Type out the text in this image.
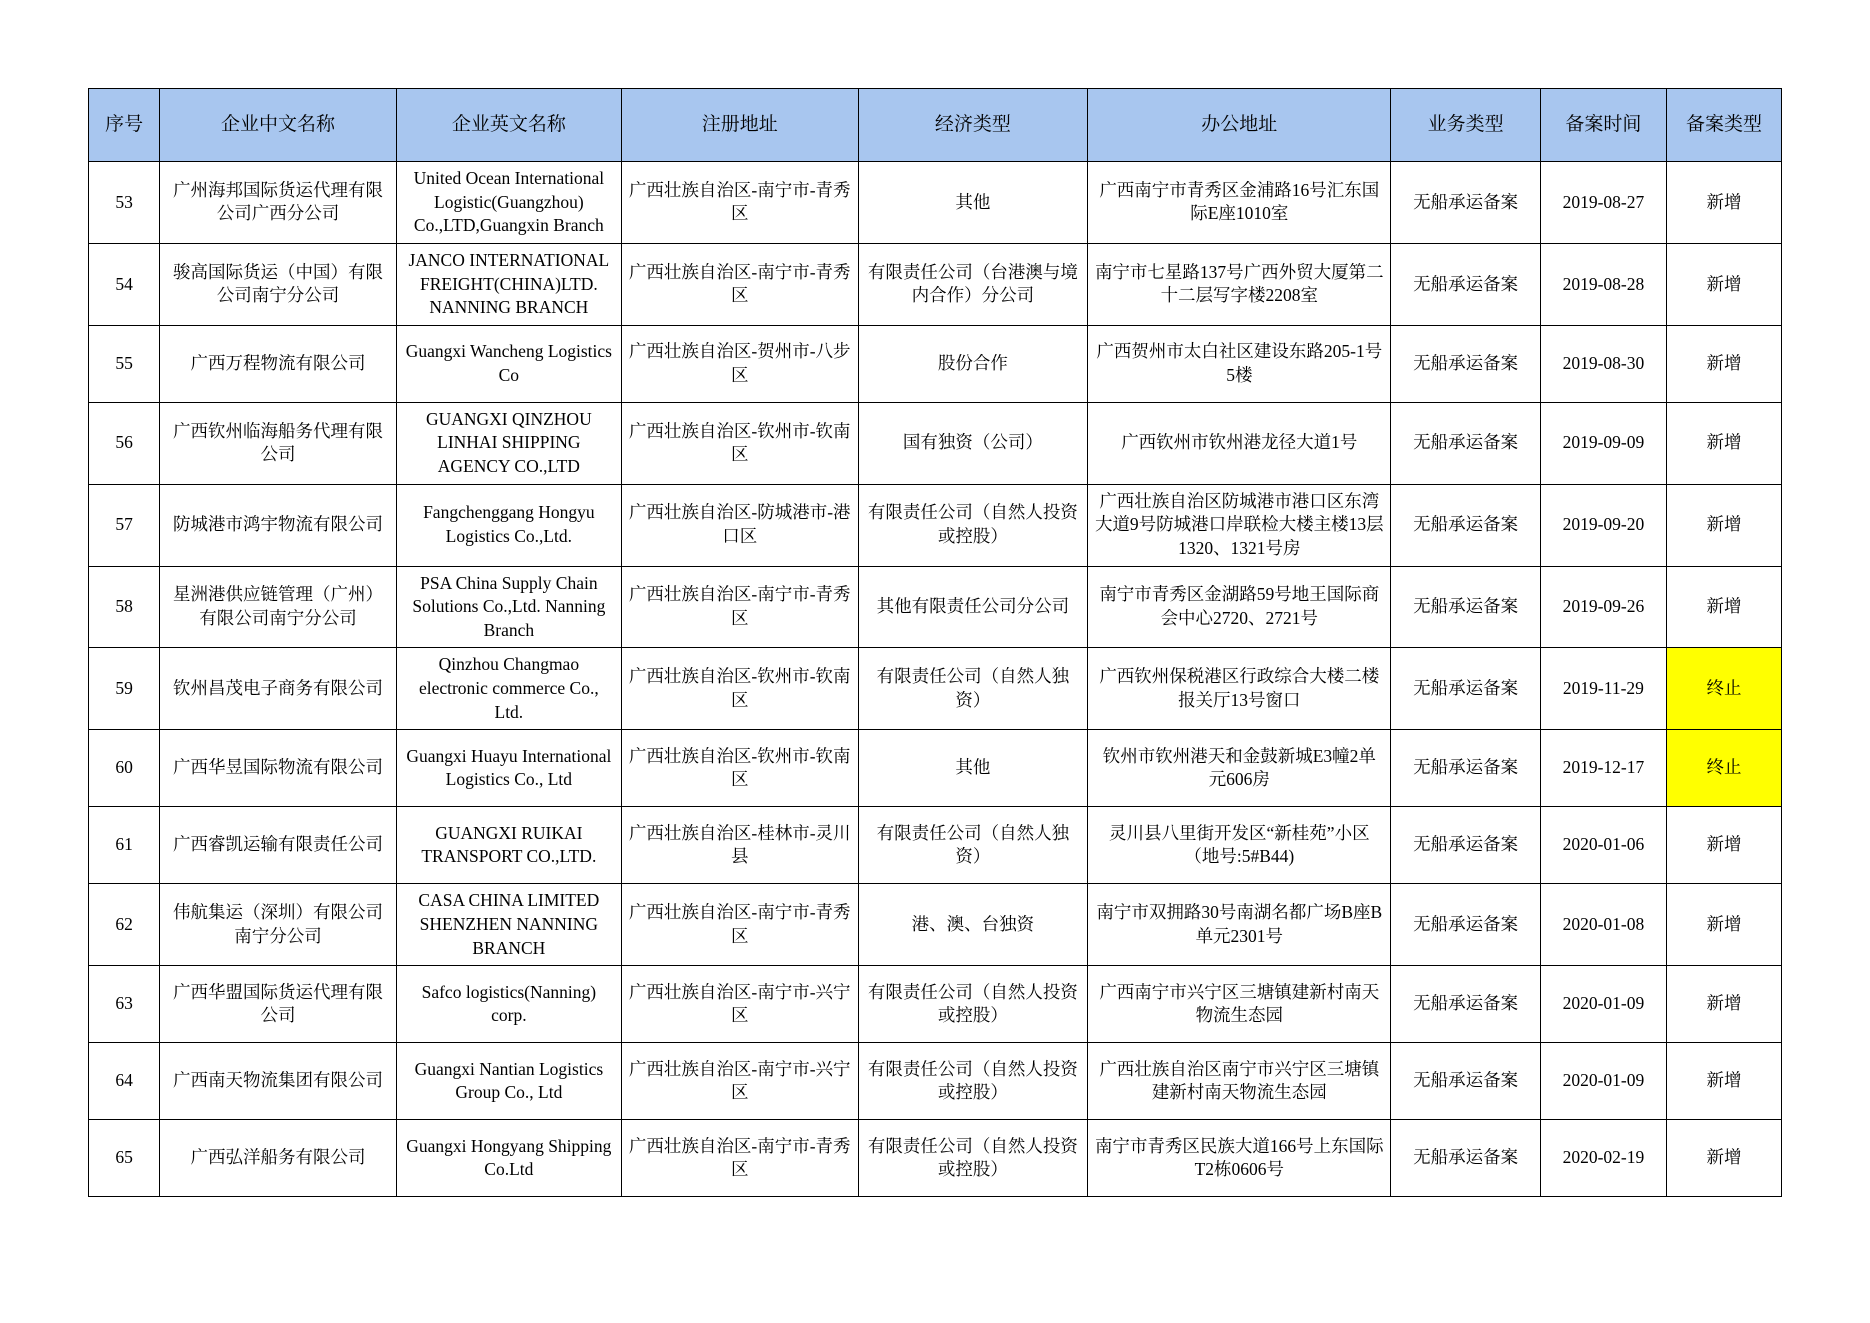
序号	企业中文名称	企业英文名称	注册地址	经济类型	办公地址	业务类型	备案时间	备案类型
53	广州海邦国际货运代理有限公司广西分公司	United Ocean International Logistic(Guangzhou) Co.,LTD,Guangxin Branch	广西壮族自治区-南宁市-青秀区	其他	广西南宁市青秀区金浦路16号汇东国际E座1010室	无船承运备案	2019-08-27	新增
54	骏高国际货运（中国）有限公司南宁分公司	JANCO INTERNATIONAL FREIGHT(CHINA)LTD. NANNING BRANCH	广西壮族自治区-南宁市-青秀区	有限责任公司（台港澳与境内合作）分公司	南宁市七星路137号广西外贸大厦第二十二层写字楼2208室	无船承运备案	2019-08-28	新增
55	广西万程物流有限公司	Guangxi Wancheng Logistics Co	广西壮族自治区-贺州市-八步区	股份合作	广西贺州市太白社区建设东路205-1号5楼	无船承运备案	2019-08-30	新增
56	广西钦州临海船务代理有限公司	GUANGXI QINZHOU LINHAI SHIPPING AGENCY CO.,LTD	广西壮族自治区-钦州市-钦南区	国有独资（公司）	广西钦州市钦州港龙径大道1号	无船承运备案	2019-09-09	新增
57	防城港市鸿宇物流有限公司	Fangchenggang Hongyu Logistics Co.,Ltd.	广西壮族自治区-防城港市-港口区	有限责任公司（自然人投资或控股）	广西壮族自治区防城港市港口区东湾大道9号防城港口岸联检大楼主楼13层1320、1321号房	无船承运备案	2019-09-20	新增
58	星洲港供应链管理（广州）有限公司南宁分公司	PSA China Supply Chain Solutions Co.,Ltd. Nanning Branch	广西壮族自治区-南宁市-青秀区	其他有限责任公司分公司	南宁市青秀区金湖路59号地王国际商会中心2720、2721号	无船承运备案	2019-09-26	新增
59	钦州昌茂电子商务有限公司	Qinzhou Changmao electronic commerce Co., Ltd.	广西壮族自治区-钦州市-钦南区	有限责任公司（自然人独资）	广西钦州保税港区行政综合大楼二楼报关厅13号窗口	无船承运备案	2019-11-29	终止
60	广西华昱国际物流有限公司	Guangxi Huayu International Logistics Co., Ltd	广西壮族自治区-钦州市-钦南区	其他	钦州市钦州港天和金鼓新城E3幢2单元606房	无船承运备案	2019-12-17	终止
61	广西睿凯运输有限责任公司	GUANGXI RUIKAI TRANSPORT CO.,LTD.	广西壮族自治区-桂林市-灵川县	有限责任公司（自然人独资）	灵川县八里街开发区“新桂苑”小区（地号:5#B44)	无船承运备案	2020-01-06	新增
62	伟航集运（深圳）有限公司南宁分公司	CASA CHINA LIMITED SHENZHEN NANNING BRANCH	广西壮族自治区-南宁市-青秀区	港、澳、台独资	南宁市双拥路30号南湖名都广场B座B单元2301号	无船承运备案	2020-01-08	新增
63	广西华盟国际货运代理有限公司	Safco logistics(Nanning) corp.	广西壮族自治区-南宁市-兴宁区	有限责任公司（自然人投资或控股）	广西南宁市兴宁区三塘镇建新村南天物流生态园	无船承运备案	2020-01-09	新增
64	广西南天物流集团有限公司	Guangxi Nantian Logistics Group Co., Ltd	广西壮族自治区-南宁市-兴宁区	有限责任公司（自然人投资或控股）	广西壮族自治区南宁市兴宁区三塘镇建新村南天物流生态园	无船承运备案	2020-01-09	新增
65	广西弘洋船务有限公司	Guangxi Hongyang Shipping Co.Ltd	广西壮族自治区-南宁市-青秀区	有限责任公司（自然人投资或控股）	南宁市青秀区民族大道166号上东国际T2栋0606号	无船承运备案	2020-02-19	新增
